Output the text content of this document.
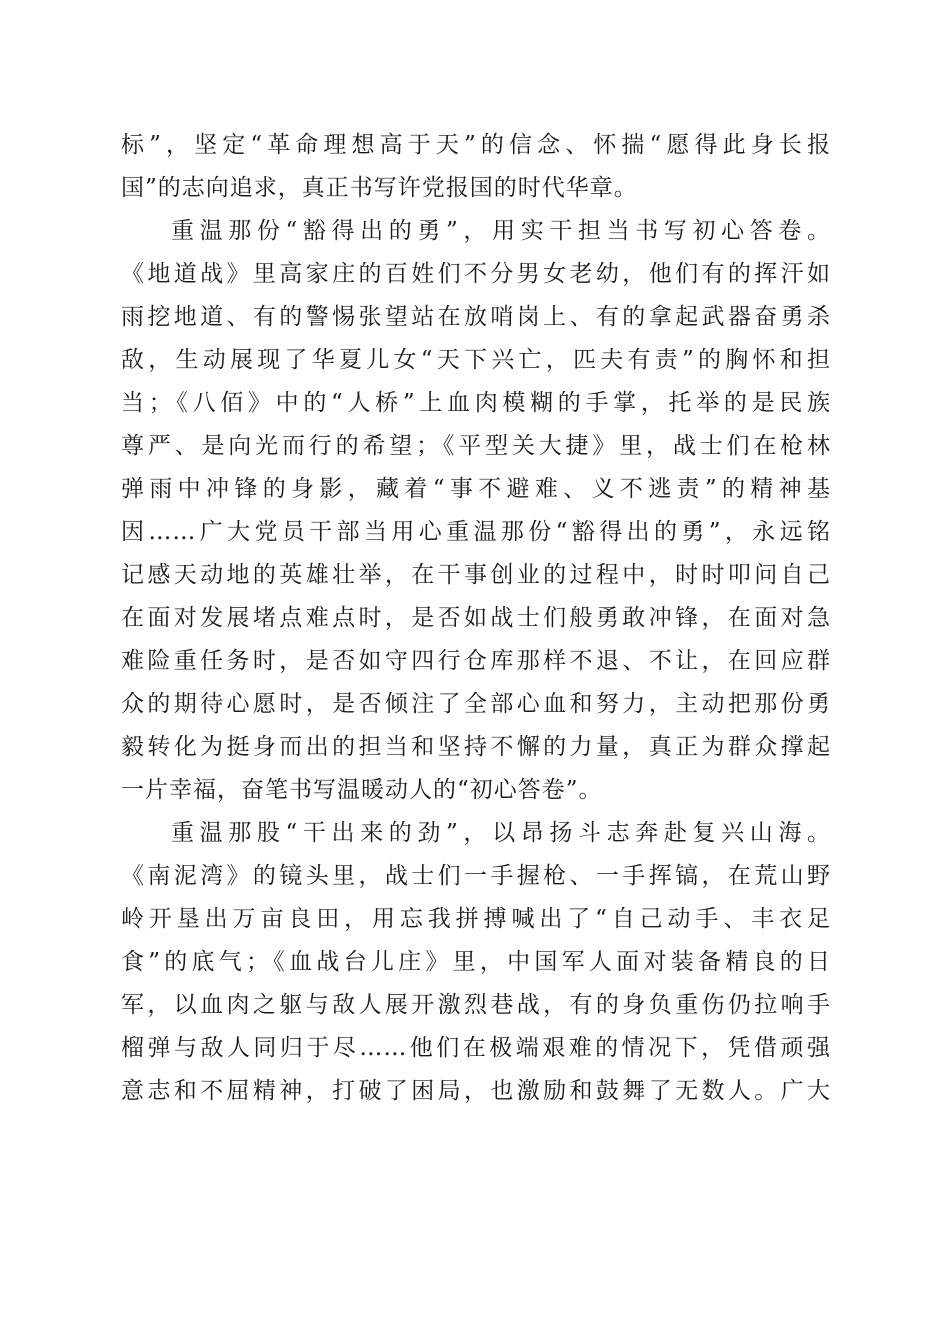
标”，坚定“革命理想高于天”的信念、怀揣“愿得此身长报
国”的志向追求，真正书写许党报国的时代华章。
重温那份“豁得出的勇”，用实干担当书写初心答卷。
《地道战》里高家庄的百姓们不分男女老幼，他们有的挥汗如
雨挖地道、有的警惕张望站在放哨岗上、有的拿起武器奋勇杀
敌，生动展现了华夏儿女“天下兴亡，匹夫有责”的胸怀和担
当；《八佰》中的“人桥”上血肉模糊的手掌，托举的是民族
尊严、是向光而行的希望；《平型关大捷》里，战士们在枪林
弹雨中冲锋的身影，藏着“事不避难、义不逃责”的精神基
因……广大党员干部当用心重温那份“豁得出的勇”，永远铭
记感天动地的英雄壮举，在干事创业的过程中，时时叩问自己
在面对发展堵点难点时，是否如战士们般勇敢冲锋，在面对急
难险重任务时，是否如守四行仓库那样不退、不让，在回应群
众的期待心愿时，是否倾注了全部心血和努力，主动把那份勇
毅转化为挺身而出的担当和坚持不懈的力量，真正为群众撑起
一片幸福，奋笔书写温暖动人的“初心答卷”。
重温那股“干出来的劲”，以昂扬斗志奔赴复兴山海。
《南泥湾》的镜头里，战士们一手握枪、一手挥镐，在荒山野
岭开垦出万亩良田，用忘我拼搏喊出了“自己动手、丰衣足
食”的底气；《血战台儿庄》里，中国军人面对装备精良的日
军，以血肉之躯与敌人展开激烈巷战，有的身负重伤仍拉响手
榴弹与敌人同归于尽……他们在极端艰难的情况下，凭借顽强
意志和不屈精神，打破了困局，也激励和鼓舞了无数人。广大
